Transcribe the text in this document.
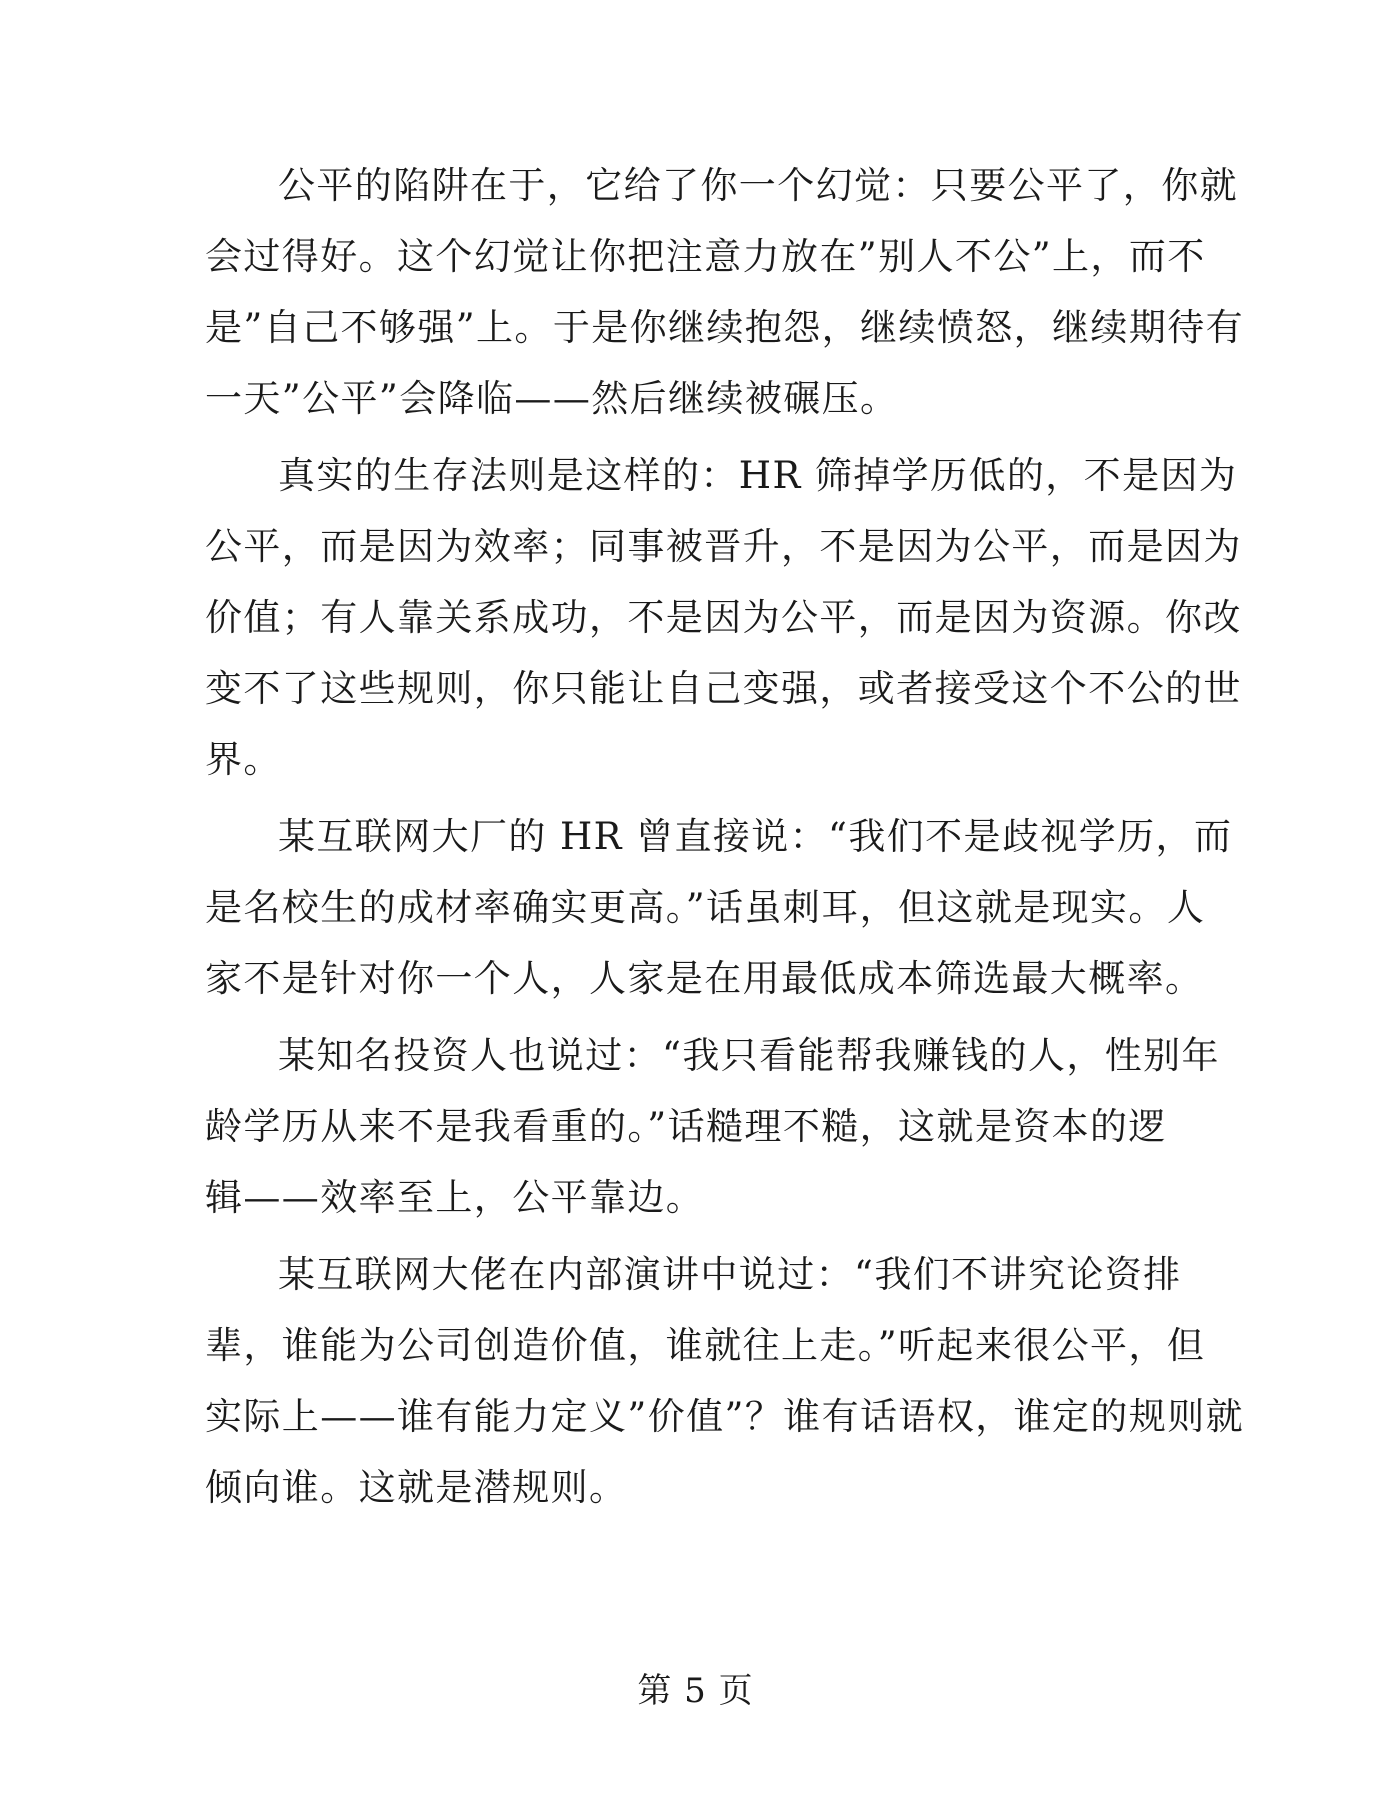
公平的陷阱在于，它给了你一个幻觉：只要公平了，你就
会过得好。这个幻觉让你把注意力放在”别人不公”上，而不
是”自己不够强”上。于是你继续抱怨，继续愤怒，继续期待有
一天”公平”会降临——然后继续被碾压。

真实的生存法则是这样的：HR 筛掉学历低的，不是因为
公平，而是因为效率；同事被晋升，不是因为公平，而是因为
价值；有人靠关系成功，不是因为公平，而是因为资源。你改
变不了这些规则，你只能让自己变强，或者接受这个不公的世
界。

某互联网大厂的 HR 曾直接说：“我们不是歧视学历，而
是名校生的成材率确实更高。”话虽刺耳，但这就是现实。人
家不是针对你一个人，人家是在用最低成本筛选最大概率。

某知名投资人也说过：“我只看能帮我赚钱的人，性别年
龄学历从来不是我看重的。”话糙理不糙，这就是资本的逻
辑——效率至上，公平靠边。

某互联网大佬在内部演讲中说过：“我们不讲究论资排
辈，谁能为公司创造价值，谁就往上走。”听起来很公平，但
实际上——谁有能力定义”价值”？谁有话语权，谁定的规则就
倾向谁。这就是潜规则。

第 5 页
